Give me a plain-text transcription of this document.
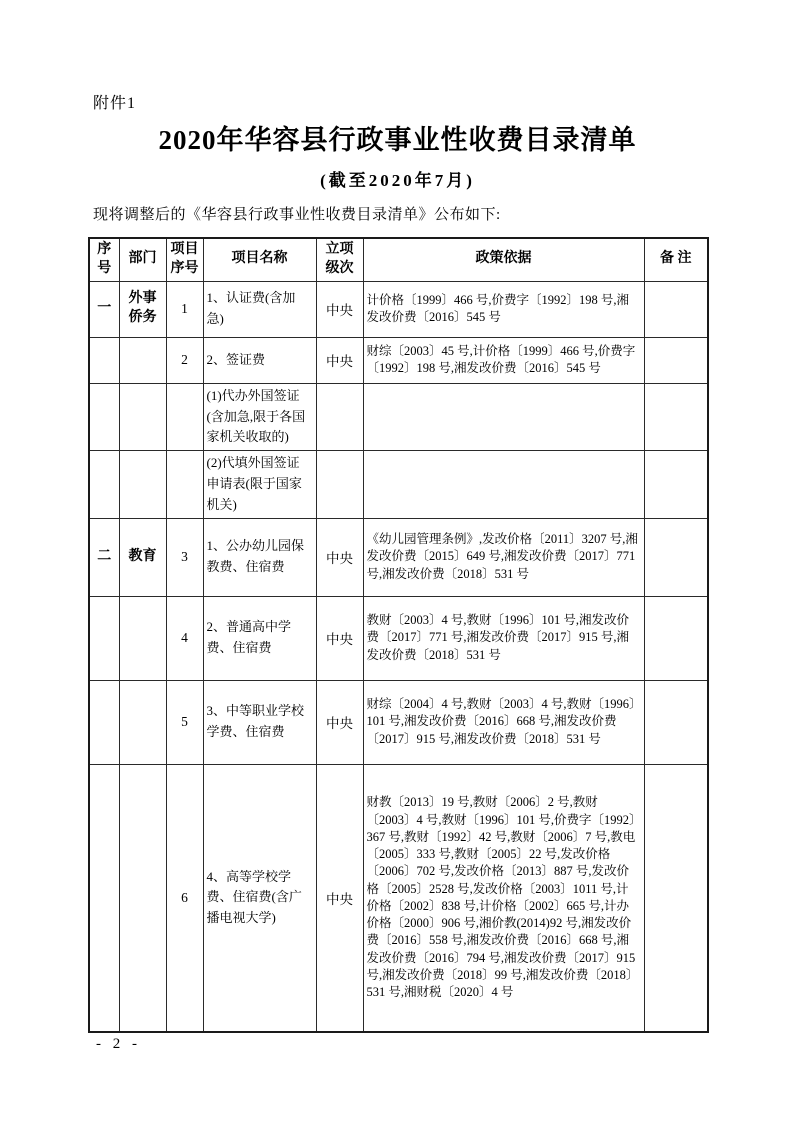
附件1
2020年华容县行政事业性收费目录清单
(截至2020年7月)

现将调整后的《华容县行政事业性收费目录清单》公布如下:

序号	部门	项目序号	项目名称	立项级次	政策依据	备 注
一	外事侨务	1	1、认证费(含加急)	中央	计价格〔1999〕466 号,价费字〔1992〕198 号,湘发改价费〔2016〕545 号	
		2	2、签证费	中央	财综〔2003〕45 号,计价格〔1999〕466 号,价费字〔1992〕198 号,湘发改价费〔2016〕545 号	
			(1)代办外国签证(含加急,限于各国家机关收取的)			
			(2)代填外国签证申请表(限于国家机关)			
二	教育	3	1、公办幼儿园保教费、住宿费	中央	《幼儿园管理条例》,发改价格〔2011〕3207 号,湘发改价费〔2015〕649 号,湘发改价费〔2017〕771 号,湘发改价费〔2018〕531 号	
		4	2、普通高中学费、住宿费	中央	教财〔2003〕4 号,教财〔1996〕101 号,湘发改价费〔2017〕771 号,湘发改价费〔2017〕915 号,湘发改价费〔2018〕531 号	
		5	3、中等职业学校学费、住宿费	中央	财综〔2004〕4 号,教财〔2003〕4 号,教财〔1996〕101 号,湘发改价费〔2016〕668 号,湘发改价费〔2017〕915 号,湘发改价费〔2018〕531 号	
		6	4、高等学校学费、住宿费(含广播电视大学)	中央	财教〔2013〕19 号,教财〔2006〕2 号,教财〔2003〕4 号,教财〔1996〕101 号,价费字〔1992〕367 号,教财〔1992〕42 号,教财〔2006〕7 号,教电〔2005〕333 号,教财〔2005〕22 号,发改价格〔2006〕702 号,发改价格〔2013〕887 号,发改价格〔2005〕2528 号,发改价格〔2003〕1011 号,计价格〔2002〕838 号,计价格〔2002〕665 号,计办价格〔2000〕906 号,湘价教(2014)92 号,湘发改价费〔2016〕558 号,湘发改价费〔2016〕668 号,湘发改价费〔2016〕794 号,湘发改价费〔2017〕915 号,湘发改价费〔2018〕99 号,湘发改价费〔2018〕531 号,湘财税〔2020〕4 号	
- 2 -
